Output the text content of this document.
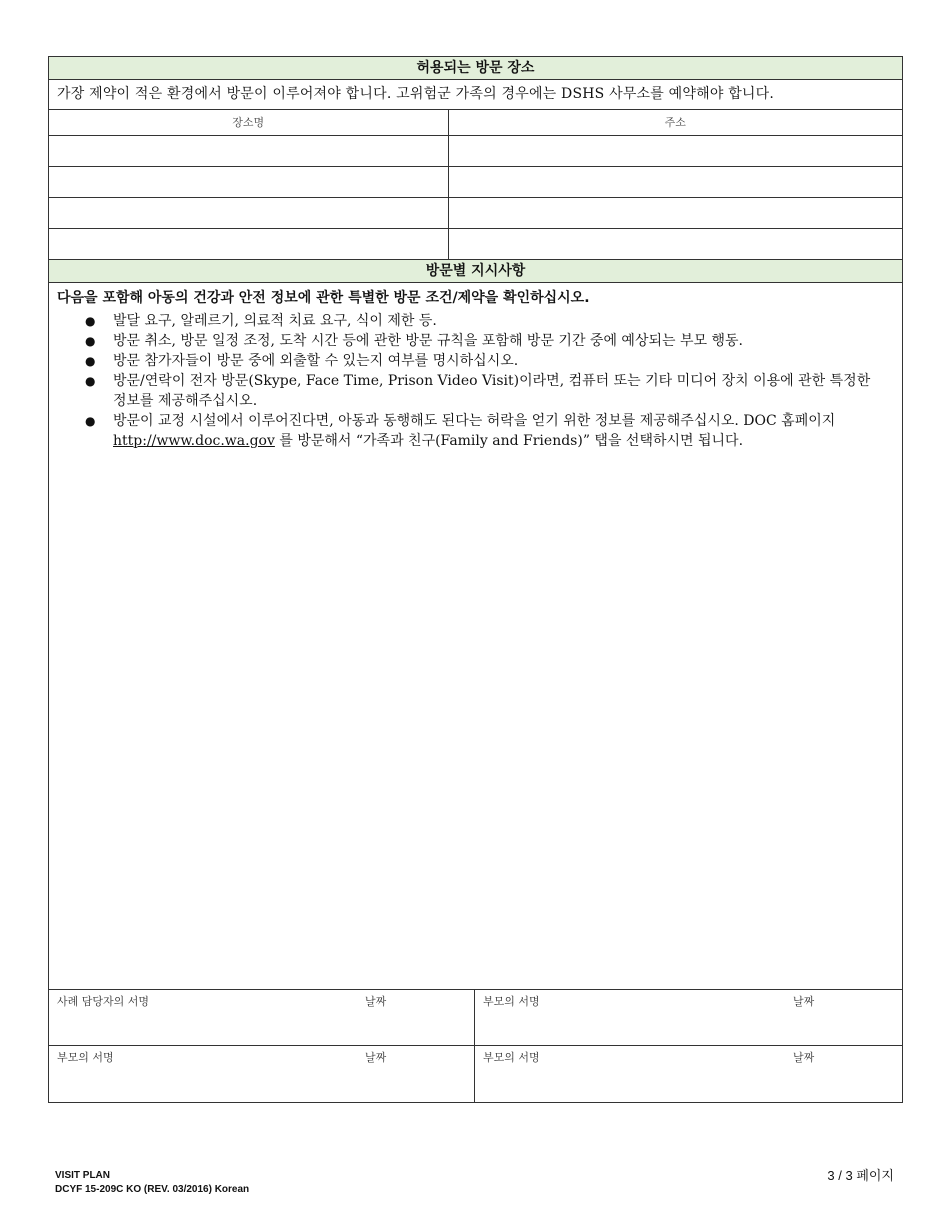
허용되는 방문 장소
가장 제약이 적은 환경에서 방문이 이루어져야 합니다. 고위험군 가족의 경우에는 DSHS 사무소를 예약해야 합니다.
장소명	주소

방문별 지시사항
다음을 포함해 아동의 건강과 안전 정보에 관한 특별한 방문 조건/제약을 확인하십시오.
● 발달 요구, 알레르기, 의료적 치료 요구, 식이 제한 등.
● 방문 취소, 방문 일정 조정, 도착 시간 등에 관한 방문 규칙을 포함해 방문 기간 중에 예상되는 부모 행동.
● 방문 참가자들이 방문 중에 외출할 수 있는지 여부를 명시하십시오.
● 방문/연락이 전자 방문(Skype, Face Time, Prison Video Visit)이라면, 컴퓨터 또는 기타 미디어 장치 이용에 관한 특정한 정보를 제공해주십시오.
● 방문이 교정 시설에서 이루어진다면, 아동과 동행해도 된다는 허락을 얻기 위한 정보를 제공해주십시오. DOC 홈페이지 http://www.doc.wa.gov 를 방문해서 “가족과 친구(Family and Friends)” 탭을 선택하시면 됩니다.
사례 담당자의 서명	날짜	부모의 서명	날짜
부모의 서명	날짜	부모의 서명	날짜
VISIT PLAN
DCYF 15-209C KO (REV. 03/2016) Korean
3 / 3 페이지
